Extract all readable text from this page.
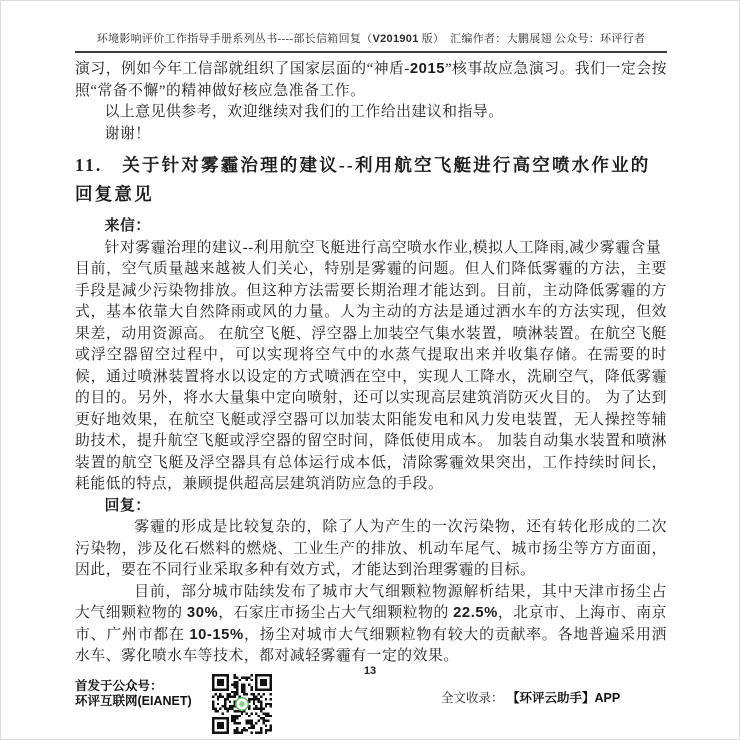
环境影响评价工作指导手册系列丛书----部长信箱回复（V201901 版）　汇编作者：大鹏展翅 公众号：环评行者
演习，例如今年工信部就组织了国家层面的“神盾-2015”核事故应急演习。我们一定会按照“常备不懈”的精神做好核应急准备工作。
以上意见供参考，欢迎继续对我们的工作给出建议和指导。
谢谢！
11.　关于针对雾霾治理的建议--利用航空飞艇进行高空喷水作业的回复意见
来信：
针对雾霾治理的建议--利用航空飞艇进行高空喷水作业,模拟人工降雨,减少雾霾含量
目前，空气质量越来越被人们关心，特别是雾霾的问题。但人们降低雾霾的方法，主要手段是减少污染物排放。但这种方法需要长期治理才能达到。目前，主动降低雾霾的方式，基本依靠大自然降雨或风的力量。人为主动的方法是通过洒水车的方法实现，但效果差，动用资源高。 在航空飞艇、浮空器上加装空气集水装置，喷淋装置。在航空飞艇或浮空器留空过程中，可以实现将空气中的水蒸气提取出来并收集存储。在需要的时候，通过喷淋装置将水以设定的方式喷洒在空中，实现人工降水，洗刷空气，降低雾霾的目的。另外，将水大量集中定向喷射，还可以实现高层建筑消防灭火目的。 为了达到更好地效果，在航空飞艇或浮空器可以加装太阳能发电和风力发电装置，无人操控等辅助技术，提升航空飞艇或浮空器的留空时间，降低使用成本。 加装自动集水装置和喷淋装置的航空飞艇及浮空器具有总体运行成本低，清除雾霾效果突出，工作持续时间长，耗能低的特点，兼顾提供超高层建筑消防应急的手段。
回复：
雾霾的形成是比较复杂的，除了人为产生的一次污染物，还有转化形成的二次污染物，涉及化石燃料的燃烧、工业生产的排放、机动车尾气、城市扬尘等方方面面，因此，要在不同行业采取多种有效方式，才能达到治理雾霾的目标。
目前，部分城市陆续发布了城市大气细颗粒物源解析结果，其中天津市扬尘占大气细颗粒物的 30%，石家庄市扬尘占大气细颗粒物的 22.5%，北京市、上海市、南京市、广州市都在 10-15%，扬尘对城市大气细颗粒物有较大的贡献率。各地普遍采用洒水车、雾化喷水车等技术，都对减轻雾霾有一定的效果。
13
首发于公众号：
环评互联网(EIANET)	全文收录： 【环评云助手】APP
